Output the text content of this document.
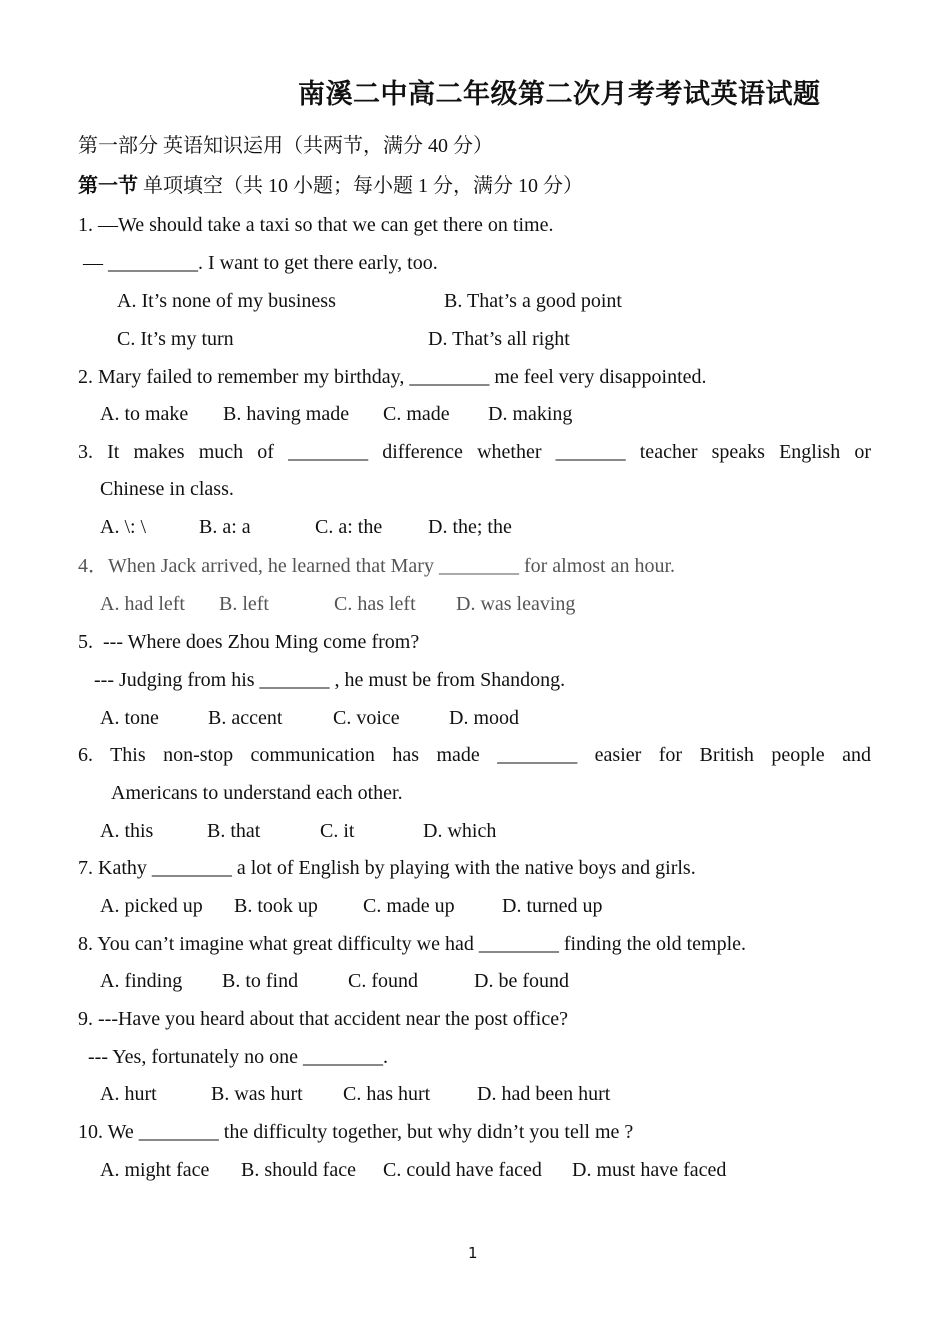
南溪二中高二年级第二次月考考试英语试题
第一部分 英语知识运用（共两节，满分 40 分）
第一节 单项填空（共 10 小题；每小题 1 分，满分 10 分）
1. —We should take a taxi so that we can get there on time.
— _________. I want to get there early, too.
A. It’s none of my business	B. That’s a good point
C. It’s my turn	D. That’s all right
2. Mary failed to remember my birthday, ________ me feel very disappointed.
A. to make B. having made C. made D. making
3. It makes much of ________ difference whether _______ teacher speaks English or
Chinese in class.
A. \: \	B. a: a	C. a: the D. the; the
4．When Jack arrived, he learned that Mary ________ for almost an hour.
A. had left B. left	C. has left D. was leaving
5.  --- Where does Zhou Ming come from?
--- Judging from his _______ , he must be from Shandong.
A. tone B. accent	C. voice D. mood
6. This non-stop communication has made ________ easier for British people and
Americans to understand each other.
A. this	B. that	C. it	D. which
7. Kathy ________ a lot of English by playing with the native boys and girls.
A. picked up B. took up C. made up D. turned up
8. You can’t imagine what great difficulty we had ________ finding the old temple.
A. finding B. to find C. found	D. be found
9. ---Have you heard about that accident near the post office?
--- Yes, fortunately no one ________.
A. hurt	B. was hurt C. has hurt D. had been hurt
10. We ________ the difficulty together, but why didn’t you tell me ?
A. might face B. should face C. could have faced D. must have faced
1
